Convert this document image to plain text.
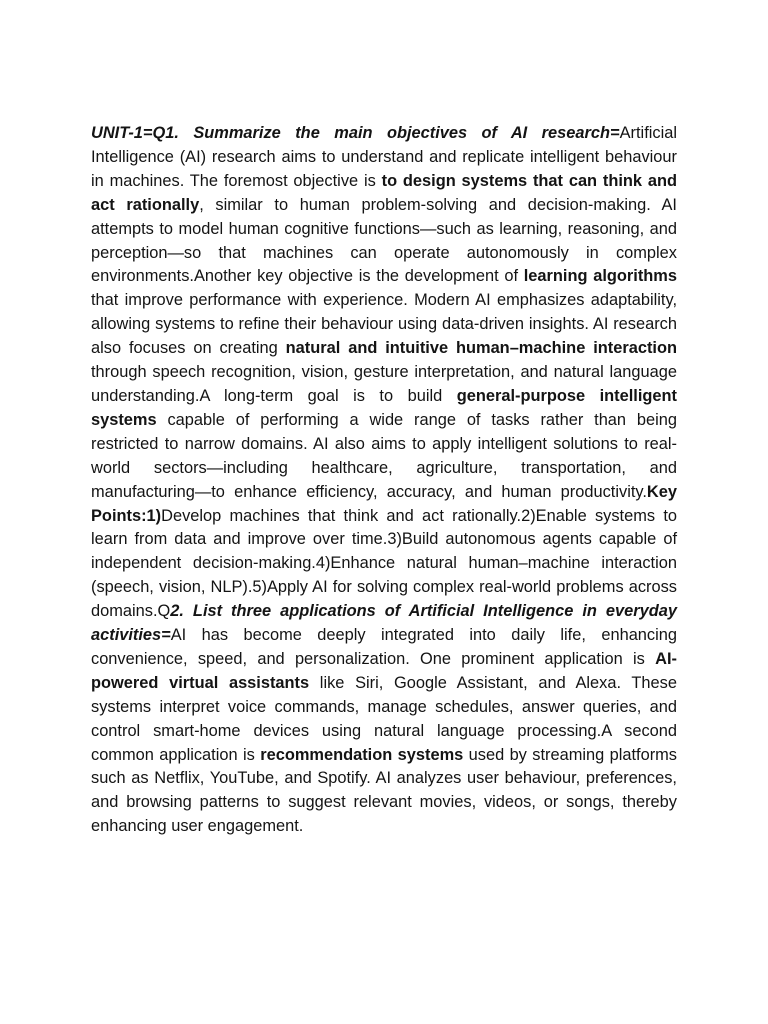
UNIT-1=Q1. Summarize the main objectives of AI research=Artificial Intelligence (AI) research aims to understand and replicate intelligent behaviour in machines. The foremost objective is to design systems that can think and act rationally, similar to human problem-solving and decision-making. AI attempts to model human cognitive functions—such as learning, reasoning, and perception—so that machines can operate autonomously in complex environments.Another key objective is the development of learning algorithms that improve performance with experience. Modern AI emphasizes adaptability, allowing systems to refine their behaviour using data-driven insights. AI research also focuses on creating natural and intuitive human–machine interaction through speech recognition, vision, gesture interpretation, and natural language understanding.A long-term goal is to build general-purpose intelligent systems capable of performing a wide range of tasks rather than being restricted to narrow domains. AI also aims to apply intelligent solutions to real-world sectors—including healthcare, agriculture, transportation, and manufacturing—to enhance efficiency, accuracy, and human productivity.Key Points:1)Develop machines that think and act rationally.2)Enable systems to learn from data and improve over time.3)Build autonomous agents capable of independent decision-making.4)Enhance natural human–machine interaction (speech, vision, NLP).5)Apply AI for solving complex real-world problems across domains.Q2. List three applications of Artificial Intelligence in everyday activities=AI has become deeply integrated into daily life, enhancing convenience, speed, and personalization. One prominent application is AI-powered virtual assistants like Siri, Google Assistant, and Alexa. These systems interpret voice commands, manage schedules, answer queries, and control smart-home devices using natural language processing.A second common application is recommendation systems used by streaming platforms such as Netflix, YouTube, and Spotify. AI analyzes user behaviour, preferences, and browsing patterns to suggest relevant movies, videos, or songs, thereby enhancing user engagement.
